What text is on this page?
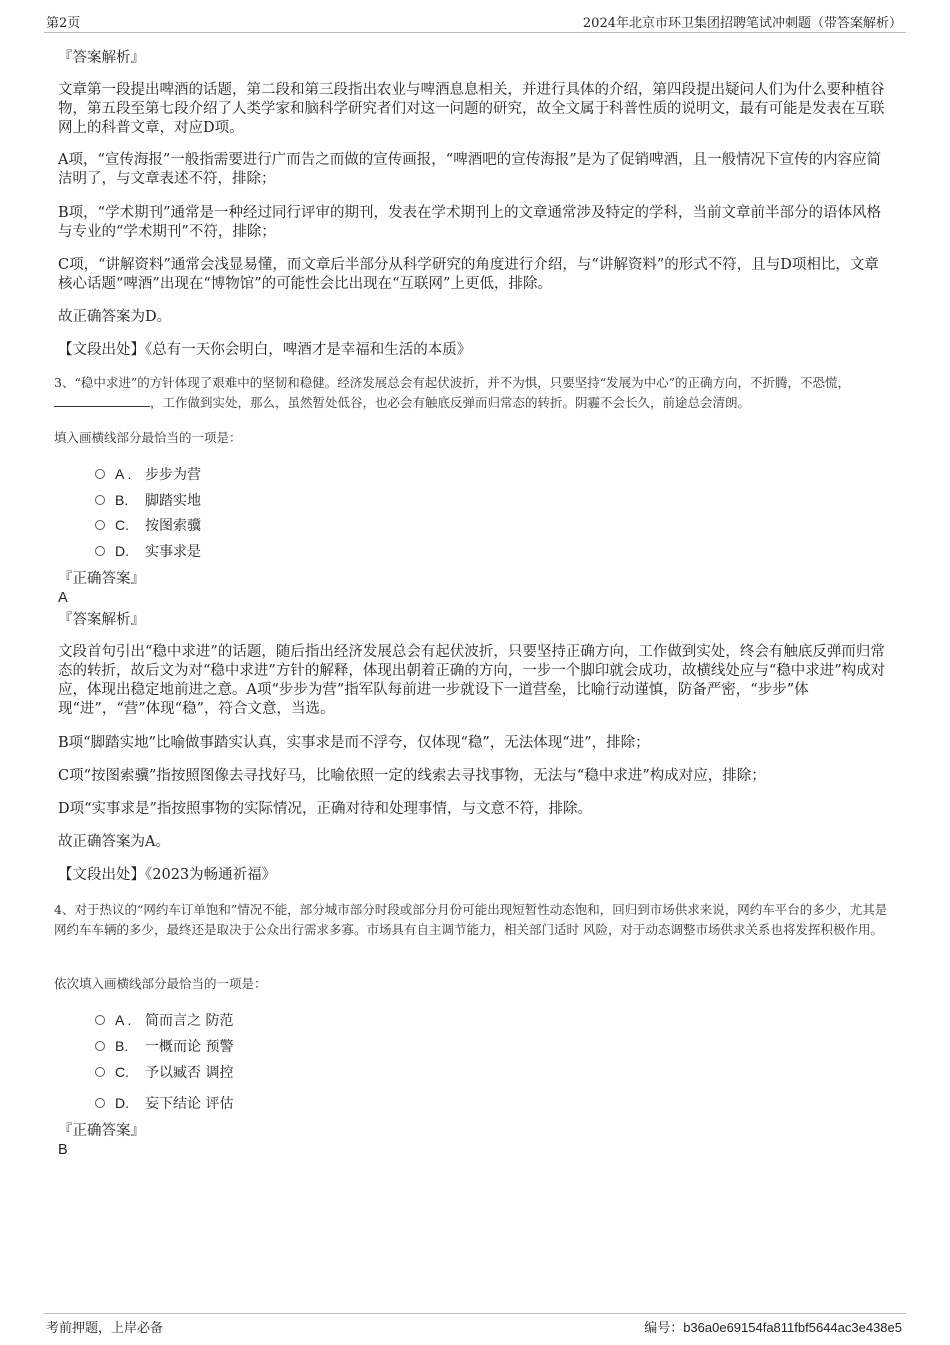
第2页	2024年北京市环卫集团招聘笔试冲刺题（带答案解析）
『答案解析』
文章第一段提出啤酒的话题，第二段和第三段指出农业与啤酒息息相关，并进行具体的介绍，第四段提出疑问人们为什么要种植谷物，第五段至第七段介绍了人类学家和脑科学研究者们对这一问题的研究，故全文属于科普性质的说明文，最有可能是发表在互联网上的科普文章，对应D项。
A项，“宣传海报”一般指需要进行广而告之而做的宣传画报，“啤酒吧的宣传海报”是为了促销啤酒，且一般情况下宣传的内容应简洁明了，与文章表述不符，排除；
B项，“学术期刊”通常是一种经过同行评审的期刊，发表在学术期刊上的文章通常涉及特定的学科，当前文章前半部分的语体风格与专业的“学术期刊”不符，排除；
C项，“讲解资料”通常会浅显易懂，而文章后半部分从科学研究的角度进行介绍，与“讲解资料”的形式不符，且与D项相比，文章核心话题“啤酒”出现在“博物馆”的可能性会比出现在“互联网”上更低，排除。
故正确答案为D。
【文段出处】《总有一天你会明白，啤酒才是幸福和生活的本质》

3、“稳中求进”的方针体现了艰难中的坚韧和稳健。经济发展总会有起伏波折，并不为惧，只要坚持“发展为中心”的正确方向，不折腾，不恐慌，，工作做到实处，那么，虽然暂处低谷，也必会有触底反弹而归常态的转折。阴霾不会长久，前途总会清朗。

填入画横线部分最恰当的一项是：

A . 步步为营
B. 脚踏实地
C. 按图索骥
D. 实事求是
『正确答案』
A
『答案解析』
文段首句引出“稳中求进”的话题，随后指出经济发展总会有起伏波折，只要坚持正确方向，工作做到实处，终会有触底反弹而归常态的转折，故后文为对“稳中求进”方针的解释，体现出朝着正确的方向，一步一个脚印就会成功，故横线处应与“稳中求进”构成对应，体现出稳定地前进之意。A项“步步为营”指军队每前进一步就设下一道营垒，比喻行动谨慎，防备严密，“步步”体现“进”，“营”体现“稳”，符合文意，当选。
B项“脚踏实地”比喻做事踏实认真，实事求是而不浮夸，仅体现“稳”，无法体现“进”，排除；
C项“按图索骥”指按照图像去寻找好马，比喻依照一定的线索去寻找事物，无法与“稳中求进”构成对应，排除；
D项“实事求是”指按照事物的实际情况，正确对待和处理事情，与文意不符，排除。
故正确答案为A。
【文段出处】《2023为畅通祈福》

4、对于热议的“网约车订单饱和”情况不能，部分城市部分时段或部分月份可能出现短暂性动态饱和，回归到市场供求来说，网约车平台的多少，尤其是网约车车辆的多少，最终还是取决于公众出行需求多寡。市场具有自主调节能力，相关部门适时 风险，对于动态调整市场供求关系也将发挥积极作用。

依次填入画横线部分最恰当的一项是：

A . 简而言之 防范
B. 一概而论 预警
C. 予以臧否 调控
D. 妄下结论 评估
『正确答案』
B
考前押题，上岸必备	编号：b36a0e69154fa811fbf5644ac3e438e5
